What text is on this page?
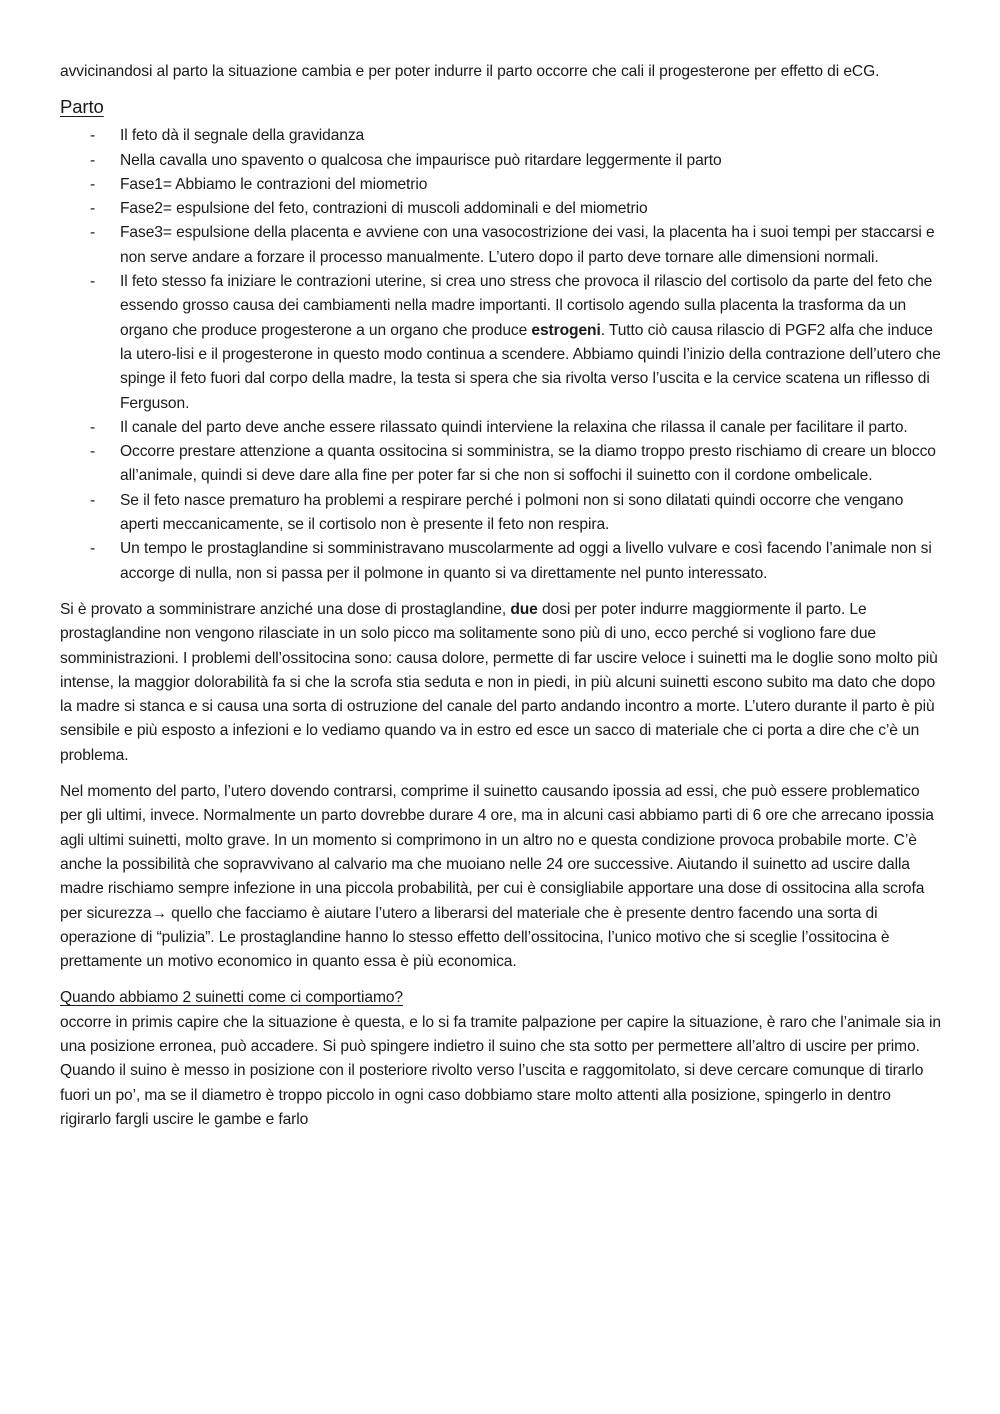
avvicinandosi al parto la situazione cambia e per poter indurre il parto occorre che cali il progesterone per effetto di eCG.

Parto
- Il feto dà il segnale della gravidanza
- Nella cavalla uno spavento o qualcosa che impaurisce può ritardare leggermente il parto
- Fase1= Abbiamo le contrazioni del miometrio
- Fase2= espulsione del feto, contrazioni di muscoli addominali e del miometrio
- Fase3= espulsione della placenta e avviene con una vasocostrizione dei vasi, la placenta ha i suoi tempi per staccarsi e non serve andare a forzare il processo manualmente. L’utero dopo il parto deve tornare alle dimensioni normali.
- Il feto stesso fa iniziare le contrazioni uterine, si crea uno stress che provoca il rilascio del cortisolo da parte del feto che essendo grosso causa dei cambiamenti nella madre importanti. Il cortisolo agendo sulla placenta la trasforma da un organo che produce progesterone a un organo che produce estrogeni. Tutto ciò causa rilascio di PGF2 alfa che induce la utero-lisi e il progesterone in questo modo continua a scendere. Abbiamo quindi l’inizio della contrazione dell’utero che spinge il feto fuori dal corpo della madre, la testa si spera che sia rivolta verso l’uscita e la cervice scatena un riflesso di Ferguson.
- Il canale del parto deve anche essere rilassato quindi interviene la relaxina che rilassa il canale per facilitare il parto.
- Occorre prestare attenzione a quanta ossitocina si somministra, se la diamo troppo presto rischiamo di creare un blocco all’animale, quindi si deve dare alla fine per poter far si che non si soffochi il suinetto con il cordone ombelicale.
- Se il feto nasce prematuro ha problemi a respirare perché i polmoni non si sono dilatati quindi occorre che vengano aperti meccanicamente, se il cortisolo non è presente il feto non respira.
- Un tempo le prostaglandine si somministravano muscolarmente ad oggi a livello vulvare e così facendo l’animale non si accorge di nulla, non si passa per il polmone in quanto si va direttamente nel punto interessato.

Si è provato a somministrare anziché una dose di prostaglandine, due dosi per poter indurre maggiormente il parto. Le prostaglandine non vengono rilasciate in un solo picco ma solitamente sono più di uno, ecco perché si vogliono fare due somministrazioni. I problemi dell’ossitocina sono: causa dolore, permette di far uscire veloce i suinetti ma le doglie sono molto più intense, la maggior dolorabilità fa si che la scrofa stia seduta e non in piedi, in più alcuni suinetti escono subito ma dato che dopo la madre si stanca e si causa una sorta di ostruzione del canale del parto andando incontro a morte. L’utero durante il parto è più sensibile e più esposto a infezioni e lo vediamo quando va in estro ed esce un sacco di materiale che ci porta a dire che c’è un problema.

Nel momento del parto, l’utero dovendo contrarsi, comprime il suinetto causando ipossia ad essi, che può essere problematico per gli ultimi, invece. Normalmente un parto dovrebbe durare 4 ore, ma in alcuni casi abbiamo parti di 6 ore che arrecano ipossia agli ultimi suinetti, molto grave. In un momento si comprimono in un altro no e questa condizione provoca probabile morte. C’è anche la possibilità che sopravvivano al calvario ma che muoiano nelle 24 ore successive. Aiutando il suinetto ad uscire dalla madre rischiamo sempre infezione in una piccola probabilità, per cui è consigliabile apportare una dose di ossitocina alla scrofa per sicurezza→ quello che facciamo è aiutare l’utero a liberarsi del materiale che è presente dentro facendo una sorta di operazione di “pulizia”. Le prostaglandine hanno lo stesso effetto dell’ossitocina, l’unico motivo che si sceglie l’ossitocina è prettamente un motivo economico in quanto essa è più economica.

Quando abbiamo 2 suinetti come ci comportiamo?

occorre in primis capire che la situazione è questa, e lo si fa tramite palpazione per capire la situazione, è raro che l’animale sia in una posizione erronea, può accadere. Si può spingere indietro il suino che sta sotto per permettere all’altro di uscire per primo. Quando il suino è messo in posizione con il posteriore rivolto verso l’uscita e raggomitolato, si deve cercare comunque di tirarlo fuori un po’, ma se il diametro è troppo piccolo in ogni caso dobbiamo stare molto attenti alla posizione, spingerlo in dentro rigirarlo fargli uscire le gambe e farlo
